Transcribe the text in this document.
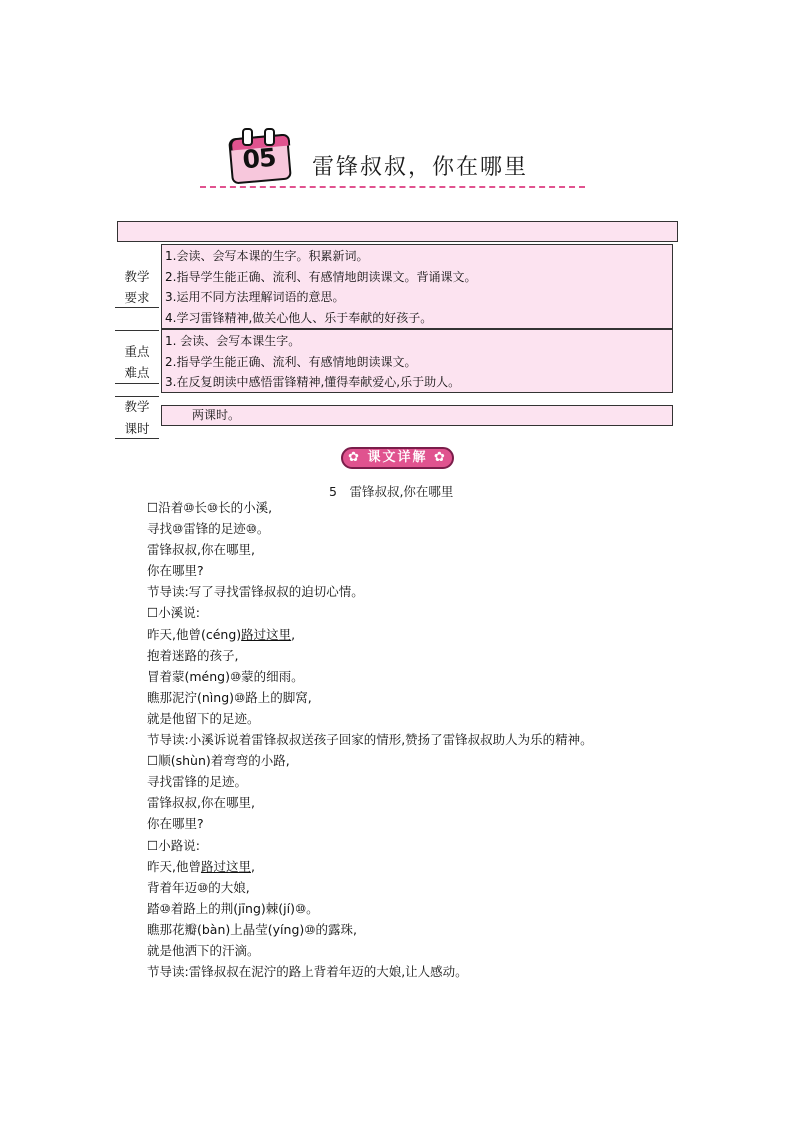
05	雷锋叔叔，你在哪里
教学
要求
1.会读、会写本课的生字。积累新词。
2.指导学生能正确、流利、有感情地朗读课文。背诵课文。
3.运用不同方法理解词语的意思。
4.学习雷锋精神,做关心他人、乐于奉献的好孩子。
重点
难点
1. 会读、会写本课生字。
2.指导学生能正确、流利、有感情地朗读课文。
3.在反复朗读中感悟雷锋精神,懂得奉献爱心,乐于助人。
教学
课时
两课时。
✿ 课文详解 ✿
5　雷锋叔叔,你在哪里
☐沿着⑩长⑩长的小溪,
寻找⑩雷锋的足迹⑩。
雷锋叔叔,你在哪里,
你在哪里?
节导读:写了寻找雷锋叔叔的迫切心情。
☐小溪说:
昨天,他曾(céng)路过这里,
抱着迷路的孩子,
冒着蒙(méng)⑩蒙的细雨。
瞧那泥泞(nìng)⑩路上的脚窝,
就是他留下的足迹。
节导读:小溪诉说着雷锋叔叔送孩子回家的情形,赞扬了雷锋叔叔助人为乐的精神。
☐顺(shùn)着弯弯的小路,
寻找雷锋的足迹。
雷锋叔叔,你在哪里,
你在哪里?
☐小路说:
昨天,他曾路过这里,
背着年迈⑩的大娘,
踏⑩着路上的荆(jīng)棘(jí)⑩。
瞧那花瓣(bàn)上晶莹(yíng)⑩的露珠,
就是他洒下的汗滴。
节导读:雷锋叔叔在泥泞的路上背着年迈的大娘,让人感动。
